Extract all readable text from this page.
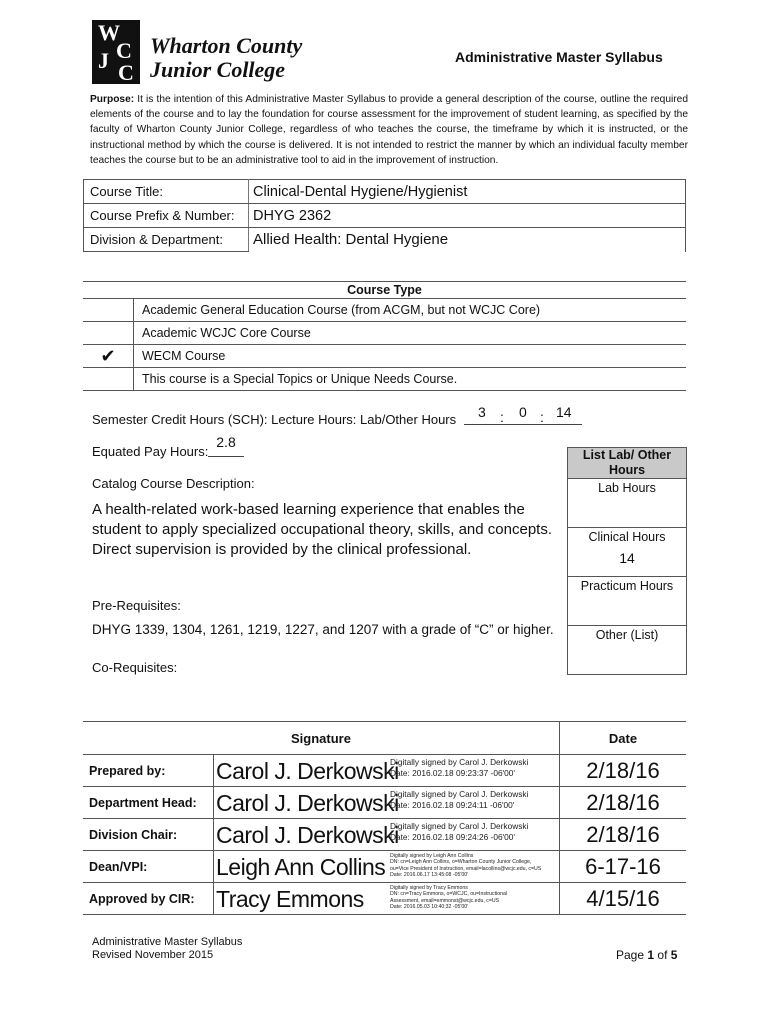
W
C
J C
Wharton County
Junior College	Administrative Master Syllabus
Purpose: It is the intention of this Administrative Master Syllabus to provide a general description of the course, outline the required elements of the course and to lay the foundation for course assessment for the improvement of student learning, as specified by the faculty of Wharton County Junior College, regardless of who teaches the course, the timeframe by which it is instructed, or the instructional method by which the course is delivered. It is not intended to restrict the manner by which an individual faculty member teaches the course but to be an administrative tool to aid in the improvement of instruction.
Course Title:	Clinical-Dental Hygiene/Hygienist
Course Prefix & Number:	DHYG 2362
Division & Department:	Allied Health: Dental Hygiene
Course Type	
	Academic General Education Course (from ACGM, but not WCJC Core)
	Academic WCJC Core Course
✔	WECM Course
	This course is a Special Topics or Unique Needs Course.
Semester Credit Hours (SCH): Lecture Hours: Lab/Other Hours 3 : 0 : 14
Equated Pay Hours:
2.8
Catalog Course Description:
A health-related work-based learning experience that enables the
student to apply specialized occupational theory, skills, and concepts.
Direct supervision is provided by the clinical professional.
List Lab/ Other Hours
Lab Hours

Clinical Hours
14

Practicum Hours

Other (List)
Pre-Requisites:
DHYG 1339, 1304, 1261, 1219, 1227, and 1207 with a grade of “C” or higher.
Co-Requisites:
Signature		Date
Prepared by:	Carol J. Derkowski
Digitally signed by Carol J. Derkowski
Date: 2016.02.18 09:23:37 -06'00'	2/18/16
Department Head:	Carol J. Derkowski
Digitally signed by Carol J. Derkowski
Date: 2016.02.18 09:24:11 -06'00'	2/18/16
Division Chair:	Carol J. Derkowski
Digitally signed by Carol J. Derkowski
Date: 2016.02.18 09:24:26 -06'00'	2/18/16
Dean/VPI:	Leigh Ann Collins Digitally signed by Leigh Ann Collins
DN: cn=Leigh Ann Collins, o=Wharton County Junior College,
ou=Vice President of Instruction, email=lacollins@wcjc.edu, c=US
Date: 2016.06.17 13:45:08 -05'00'	6-17-16
Approved by CIR:	Tracy Emmons Digitally signed by Tracy Emmons
DN: cn=Tracy Emmons, o=WCJC, ou=Instructional
Assessment, email=emmonst@wcjc.edu, c=US
Date: 2016.05.03 10:40:32 -05'00'	4/15/16
Administrative Master Syllabus
Revised November 2015	Page 1 of 5
